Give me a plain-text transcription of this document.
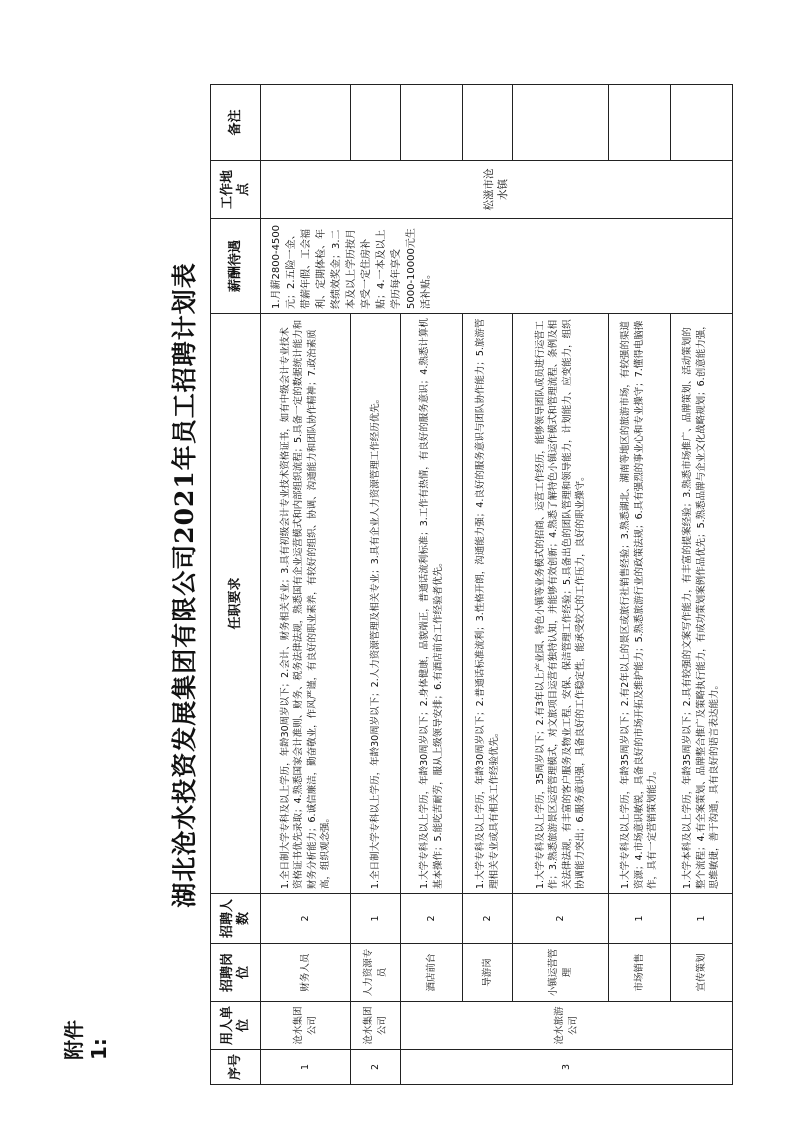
附件1:
湖北沧水投资发展集团有限公司2021年员工招聘计划表
序号	用人单位	招聘岗位	招聘人数	任职要求	薪酬待遇	工作地点	备注
1	沧水集团公司	财务人员	2	1.全日制大学专科及以上学历，年龄30周岁以下；2.会计、财务相关专业；3.具有初级会计专业技术资格证书，如有中级会计专业技术资格证书优先录取；4.熟悉国家会计准则、财务、税务法律法规，熟悉国有企业运营模式和内部组织流程；5.具备一定的数据统计能力和财务分析能力；6.诚信廉洁，勤奋敬业，作风严谨，有良好的职业素养，有较好的组织、协调、沟通能力和团队协作精神；7.政治素质高，组织观念强。	1.月薪2800-4500元；2.五险一金、带薪年假、工会福利、定期体检、年终绩效奖金；3.二本及以上学历按月享受一定住房补贴；4.一本及以上学历每年享受5000-10000元生活补贴。	松滋市沧水镇	
2	沧水集团公司	人力资源专员	1	1.全日制大学专科以上学历，年龄30周岁以下；2.人力资源管理及相关专业；3.具有企业人力资源管理工作经历优先。			
3	沧水旅游公司	酒店前台	2	1.大学专科及以上学历，年龄30周岁以下；2.身体健康，品貌端正，普通话流利标准；3.工作有热情，有良好的服务意识；4.熟悉计算机基本操作；5.能吃苦耐劳，服从上级领导安排；6.有酒店前台工作经验者优先。			
		导游岗	2	1.大学专科及以上学历，年龄30周岁以下；2.普通话标准流利；3.性格开朗，沟通能力强；4.良好的服务意识与团队协作能力；5.旅游管理相关专业或具有相关工作经验优先。			
		小镇运营管理	2	1.大学专科及以上学历，35周岁以下；2.有3年以上产业园、特色小镇等业务模式的招商、运营工作经历，能够领导团队成员进行运营工作；3.熟悉旅游景区运营管理模式，对文旅项目运营有独特认知，并能够有效创新；4.熟悉了解特色小镇运作模式和管理流程、条例及相关法律法规，有丰富的客户服务及物业工程、安保、保洁管理工作经验；5.具备出色的团队管理和领导能力，计划能力、应变能力，组织协调能力突出；6.服务意识强，具备良好的工作稳定性，能承受较大的工作压力，良好的职业操守。			
		市场销售	1	1.大学专科及以上学历，年龄35周岁以下；2.有2年以上的景区或旅行社销售经验；3.熟悉湖北、湖南等地区的旅游市场，有较强的渠道资源；4.市场意识敏锐，具备良好的市场开拓及维护能力；5.熟悉旅游行业的政策法规；6.具有强烈的事业心和专业操守；7.懂得电脑操作，具有一定营销策划能力。			
		宣传策划	1	1.大学本科及以上学历，年龄35周岁以下；2.具有较强的文案写作能力，有丰富的提案经验；3.熟悉市场推广、品牌策划、活动策划的整个流程；4.有全案策划、品牌整合推广及策略执行能力，有成功策划案例作品优先；5.熟悉品牌与企业文化战略规划；6.创意能力强，思维敏捷，善于沟通，具有良好的语言表达能力。			
